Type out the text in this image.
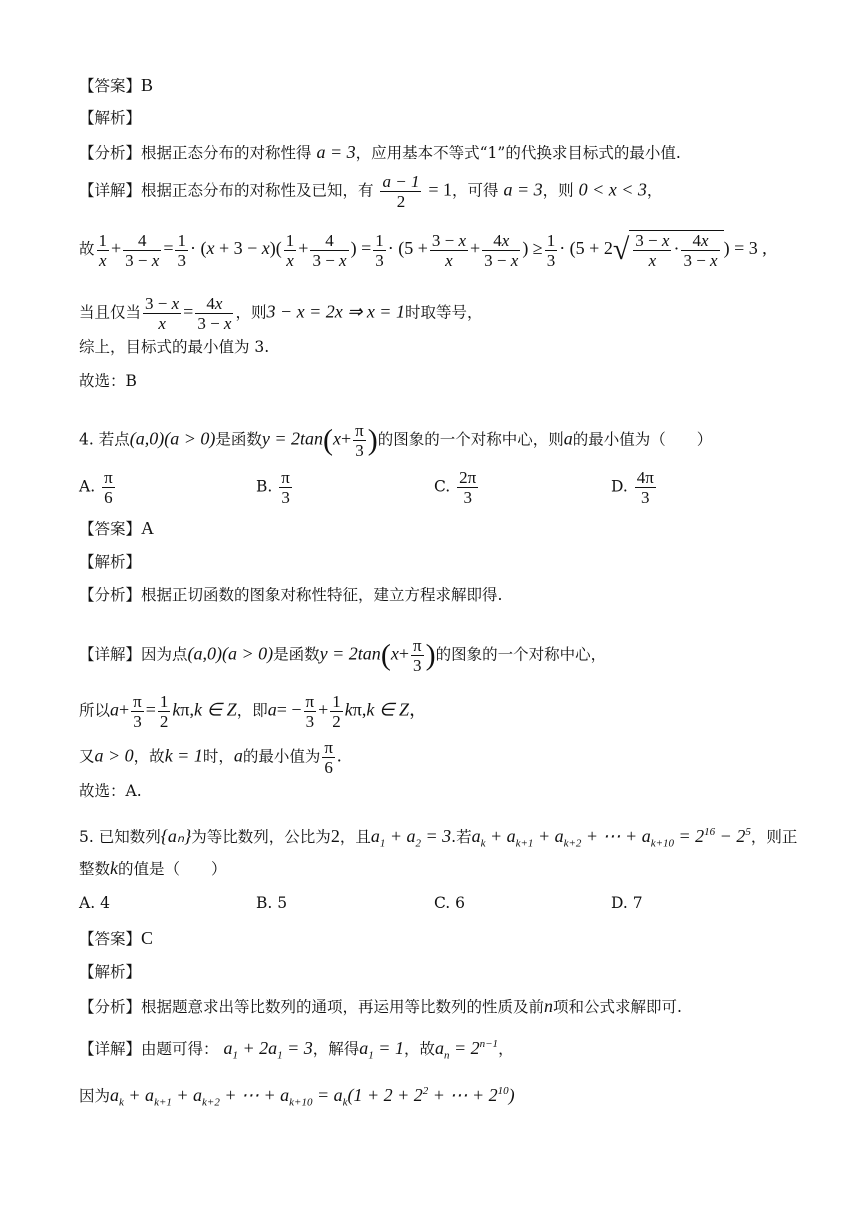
【答案】B
【解析】
【分析】根据正态分布的对称性得 a = 3，应用基本不等式“1”的代换求目标式的最小值.
【详解】根据正态分布的对称性及已知，有 $\frac{a - 1}{2} = 1$，可得 a = 3，则 0 < x < 3，
故 $\frac{1}{x} + \frac{4}{3 - x} = \frac{1}{3} \cdot (x + 3 - x)( \frac{1}{x} + \frac{4}{3 - x}$ ) = $\frac{1}{3} \cdot (5 + \frac{3 - x}{x} + \frac{4x}{3 - x}$ ) ≥ $\frac{1}{3} \cdot (5 + 2√ \frac{3 - x}{x} \cdot \frac{4x}{3 - x}$ ) = 3 ,
当且仅当 $\frac{3 - x}{x} = \frac{4x}{3 - x}$ ，则3 − x = 2x ⇒ x = 1时取等号，
综上，目标式的最小值为 3.
故选：B
4. 若点(a,0)(a > 0)是函数$y = 2\tan(x+ \frac{\pi}{3}$ )的图象的一个对称中心，则a的最小值为（　　）
A. $\frac{\pi}{6}$	B. $\frac{\pi}{3}$	C. $\frac{2\pi}{3}$	D. $\frac{4\pi}{3}$
【答案】A
【解析】
【分析】根据正切函数的图象对称性特征，建立方程求解即得.
【详解】因为点(a,0)(a > 0)是函数$y = 2\tan(x+ \frac{\pi}{3}$ )的图象的一个对称中心，
所以$a+ \frac{\pi}{3} = \frac{1}{2} k\pi,k$ ∈ Z，即$a= - \frac{\pi}{3} + \frac{1}{2} k\pi,k$ ∈ Z，
又a > 0，故k = 1时，a的最小值为 $\frac{\pi}{6}$ .
故选：A.
5. 已知数列{aₙ}为等比数列，公比为2，且$a_1 + a_2 = 3$.若$a_k + a_{k+1} + a_{k+2}$ + ⋯ + $a_{k+10} = 2^{16} - 2^5$，则正
整数k的值是（　　）
A. 4	B. 5	C. 6	D. 7
【答案】C
【解析】
【分析】根据题意求出等比数列的通项，再运用等比数列的性质及前n项和公式求解即可.
【详解】由题可得： $a_1 + 2a_1 = 3$，解得$a_1 = 1$，故$a_n = 2^{n-1}$，
因为$a_k + a_{k+1} + a_{k+2}$ + ⋯ + $a_{k+10} = a_k(1 + 2 + 2^2$ + ⋯ + $2^{10}$)
